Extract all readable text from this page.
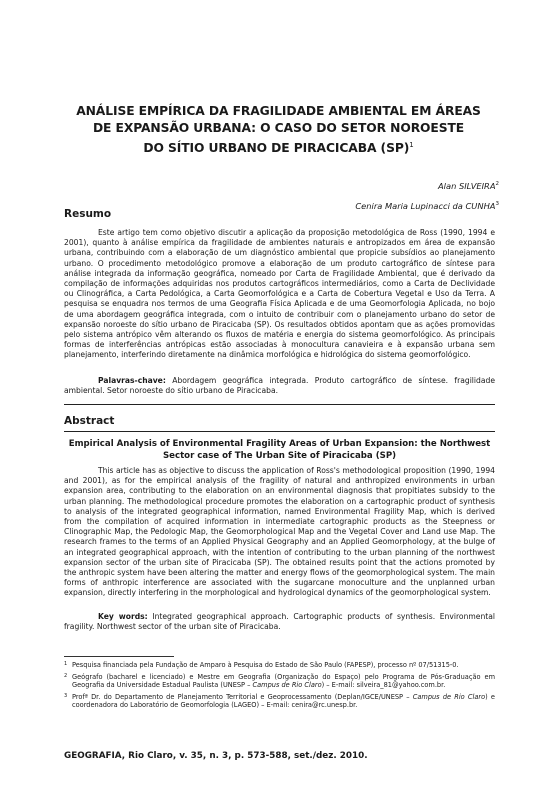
ANÁLISE EMPÍRICA DA FRAGILIDADE AMBIENTAL EM ÁREAS
DE EXPANSÃO URBANA: O CASO DO SETOR NOROESTE
DO SÍTIO URBANO DE PIRACICABA (SP)$^1$
Alan SILVEIRA$^2$
Cenira Maria Lupinacci da CUNHA$^3$
Resumo

Este artigo tem como objetivo discutir a aplicação da proposição metodológica de Ross (1990, 1994 e 2001), quanto à análise empírica da fragilidade de ambientes naturais e antropizados em área de expansão urbana, contribuindo com a elaboração de um diagnóstico ambiental que propicie subsídios ao planejamento urbano. O procedimento metodológico promove a elaboração de um produto cartográfico de síntese para análise integrada da informação geográfica, nomeado por Carta de Fragilidade Ambiental, que é derivado da compilação de informações adquiridas nos produtos cartográficos intermediários, como a Carta de Declividade ou Clinográfica, a Carta Pedológica, a Carta Geomorfológica e a Carta de Cobertura Vegetal e Uso da Terra. A pesquisa se enquadra nos termos de uma Geografia Física Aplicada e de uma Geomorfologia Aplicada, no bojo de uma abordagem geográfica integrada, com o intuito de contribuir com o planejamento urbano do setor de expansão noroeste do sítio urbano de Piracicaba (SP). Os resultados obtidos apontam que as ações promovidas pelo sistema antrópico vêm alterando os fluxos de matéria e energia do sistema geomorfológico. As principais formas de interferências antrópicas estão associadas à monocultura canavieira e à expansão urbana sem planejamento, interferindo diretamente na dinâmica morfológica e hidrológica do sistema geomorfológico.

Palavras-chave: Abordagem geográfica integrada. Produto cartográfico de síntese. fragilidade ambiental. Setor noroeste do sítio urbano de Piracicaba.
Abstract
Empirical Analysis of Environmental Fragility Areas of Urban Expansion: the Northwest Sector case of The Urban Site of Piracicaba (SP)

This article has as objective to discuss the application of Ross's methodological proposition (1990, 1994 and 2001), as for the empirical analysis of the fragility of natural and anthropized environments in urban expansion area, contributing to the elaboration on an environmental diagnosis that propitiates subsidy to the urban planning. The methodological procedure promotes the elaboration on a cartographic product of synthesis to analysis of the integrated geographical information, named Environmental Fragility Map, which is derived from the compilation of acquired information in intermediate cartographic products as the Steepness or Clinographic Map, the Pedologic Map, the Geomorphological Map and the Vegetal Cover and Land use Map. The research frames to the terms of an Applied Physical Geography and an Applied Geomorphology, at the bulge of an integrated geographical approach, with the intention of contributing to the urban planning of the northwest expansion sector of the urban site of Piracicaba (SP). The obtained results point that the actions promoted by the anthropic system have been altering the matter and energy flows of the geomorphological system. The main forms of anthropic interference are associated with the sugarcane monoculture and the unplanned urban expansion, directly interfering in the morphological and hydrological dynamics of the geomorphological system.

Key words: Integrated geographical approach. Cartographic products of synthesis. Environmental fragility. Northwest sector of the urban site of Piracicaba.
1 Pesquisa financiada pela Fundação de Amparo à Pesquisa do Estado de São Paulo (FAPESP), processo nº 07/51315-0.
2 Geógrafo (bacharel e licenciado) e Mestre em Geografia (Organização do Espaço) pelo Programa de Pós-Graduação em Geografia da Universidade Estadual Paulista (UNESP – Campus de Rio Claro) – E-mail: silveira_81@yahoo.com.br.
3 Profª Dr. do Departamento de Planejamento Territorial e Geoprocessamento (Deplan/IGCE/UNESP – Campus de Rio Claro) e coordenadora do Laboratório de Geomorfologia (LAGEO) – E-mail: cenira@rc.unesp.br.
GEOGRAFIA, Rio Claro, v. 35, n. 3, p. 573-588, set./dez. 2010.
